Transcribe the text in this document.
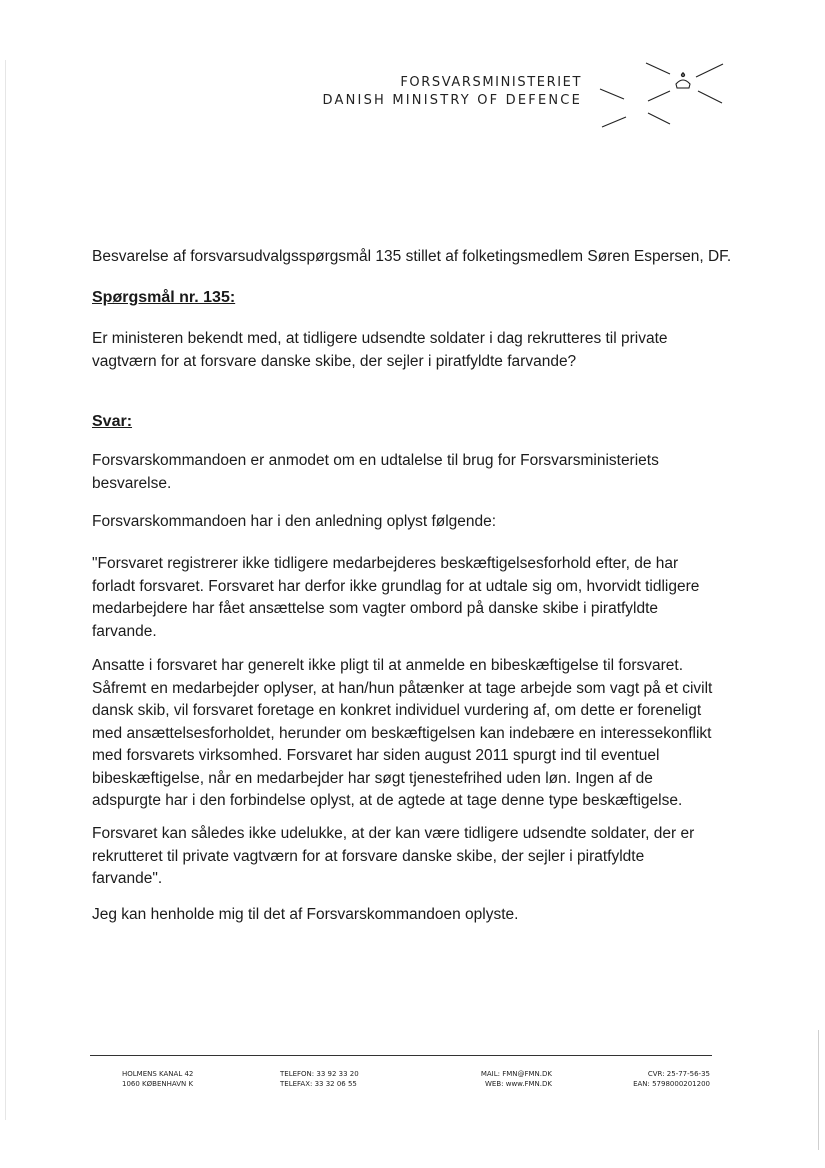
FORSVARSMINISTERIET
DANISH MINISTRY OF DEFENCE

Besvarelse af forsvarsudvalgsspørgsmål 135 stillet af folketingsmedlem Søren Espersen, DF.

Spørgsmål nr. 135:

Er ministeren bekendt med, at tidligere udsendte soldater i dag rekrutteres til private
vagtværn for at forsvare danske skibe, der sejler i piratfyldte farvande?

Svar:

Forsvarskommandoen er anmodet om en udtalelse til brug for Forsvarsministeriets
besvarelse.
Forsvarskommandoen har i den anledning oplyst følgende:
"Forsvaret registrerer ikke tidligere medarbejderes beskæftigelsesforhold efter, de har
forladt forsvaret. Forsvaret har derfor ikke grundlag for at udtale sig om, hvorvidt tidligere
medarbejdere har fået ansættelse som vagter ombord på danske skibe i piratfyldte
farvande.
Ansatte i forsvaret har generelt ikke pligt til at anmelde en bibeskæftigelse til forsvaret.
Såfremt en medarbejder oplyser, at han/hun påtænker at tage arbejde som vagt på et civilt
dansk skib, vil forsvaret foretage en konkret individuel vurdering af, om dette er foreneligt
med ansættelsesforholdet, herunder om beskæftigelsen kan indebære en interessekonflikt
med forsvarets virksomhed. Forsvaret har siden august 2011 spurgt ind til eventuel
bibeskæftigelse, når en medarbejder har søgt tjenestefrihed uden løn. Ingen af de
adspurgte har i den forbindelse oplyst, at de agtede at tage denne type beskæftigelse.
Forsvaret kan således ikke udelukke, at der kan være tidligere udsendte soldater, der er
rekrutteret til private vagtværn for at forsvare danske skibe, der sejler i piratfyldte
farvande".
Jeg kan henholde mig til det af Forsvarskommandoen oplyste.
HOLMENS KANAL 42
1060 KØBENHAVN K
TELEFON: 33 92 33 20
TELEFAX: 33 32 06 55
MAIL: FMN@FMN.DK
WEB: www.FMN.DK
CVR: 25-77-56-35
EAN: 5798000201200
